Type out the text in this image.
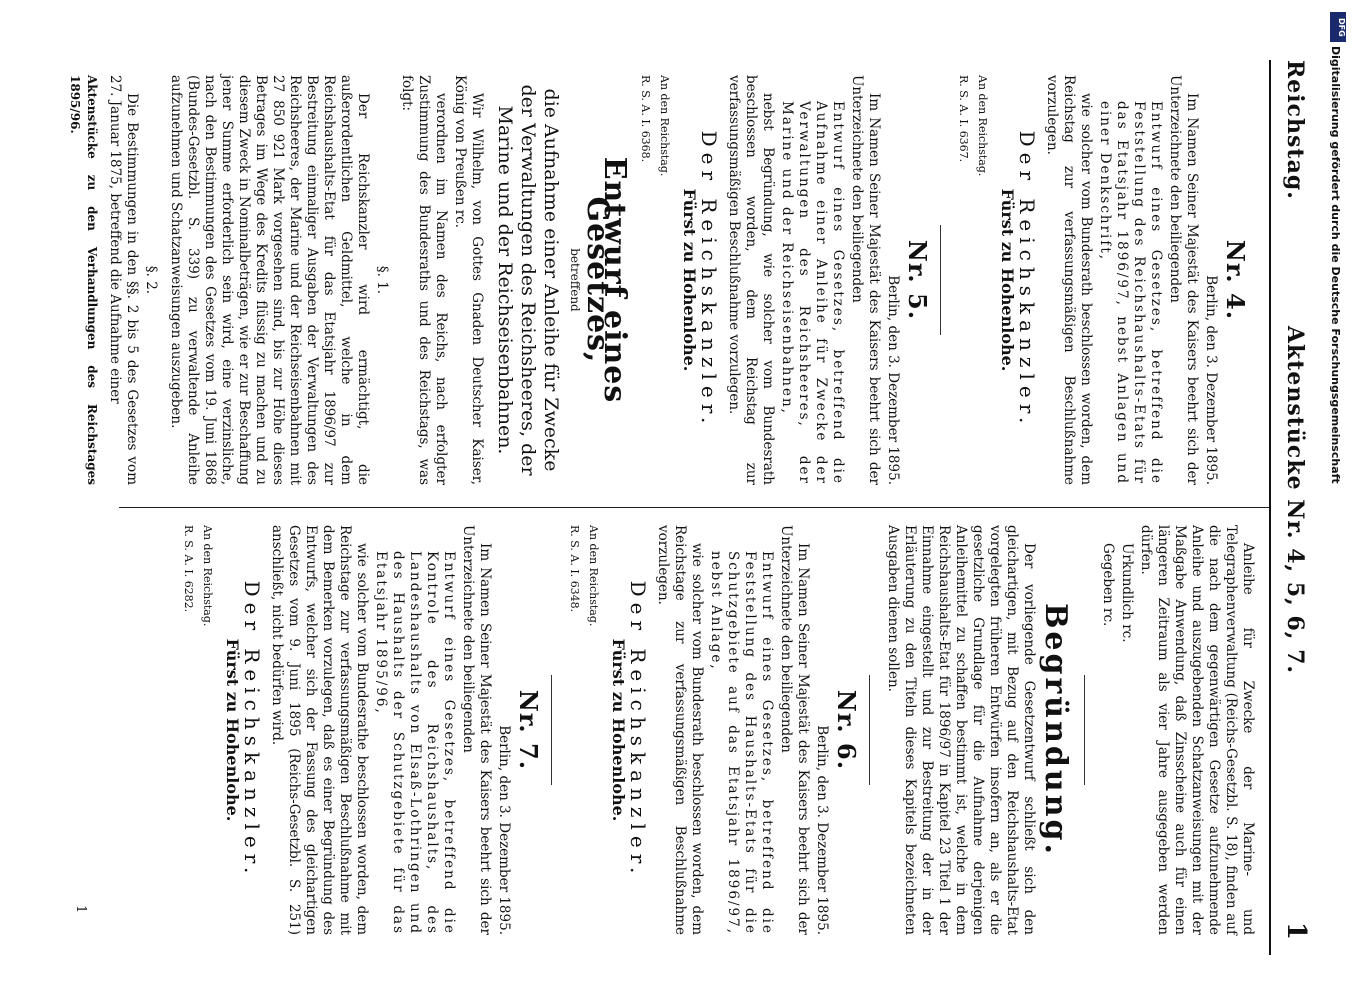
Reichstag.
Aktenstücke Nr. 4, 5, 6, 7.
1
Nr. 4.
Berlin, den 3. Dezember 1895.
Im Namen Seiner Majestät des Kaisers beehrt sich der Unterzeichnete den beiliegenden
Entwurf eines Gesetzes, betreffend die Feststellung des Reichshaushalts-Etats für das Etatsjahr 1896/97, nebst Anlagen und einer Denkschrift,
wie solcher vom Bundesrath beschlossen worden, dem Reichstag zur verfassungsmäßigen Beschlußnahme vorzulegen.
Der Reichskanzler.
Fürst zu Hohenlohe.
An den Reichstag.
R. S. A. I. 6367.
Nr. 5.
Berlin, den 3. Dezember 1895.
Im Namen Seiner Majestät des Kaisers beehrt sich der Unterzeichnete den beiliegenden
Entwurf eines Gesetzes, betreffend die Aufnahme einer Anleihe für Zwecke der Verwaltungen des Reichsheeres, der Marine und der Reichseisenbahnen,
nebst Begründung, wie solcher vom Bundesrath beschlossen worden, dem Reichstag zur verfassungsmäßigen Beschlußnahme vorzulegen.
Der Reichskanzler.
Fürst zu Hohenlohe.
An den Reichstag.
R. S. A. I. 6368.
Entwurf eines Gesetzes,
betreffend
die Aufnahme einer Anleihe für Zwecke der Verwaltungen des Reichsheeres, der Marine und der Reichseisenbahnen.
Wir Wilhelm, von Gottes Gnaden Deutscher Kaiser, König von Preußen rc.
verordnen im Namen des Reichs, nach erfolgter Zustimmung des Bundesraths und des Reichstags, was folgt:
§. 1.
Der Reichskanzler wird ermächtigt, die außerordentlichen Geldmittel, welche in dem Reichshaushalts-Etat für das Etatsjahr 1896/97 zur Bestreitung einmaliger Ausgaben der Verwaltungen des Reichsheeres, der Marine und der Reichseisenbahnen mit 27 850 921 Mark vorgesehen sind, bis zur Höhe dieses Betrages im Wege des Kredits flüssig zu machen und zu diesem Zweck in Nominalbeträgen, wie er zur Beschaffung jener Summe erforderlich sein wird, eine verzinsliche, nach den Bestimmungen des Gesetzes vom 19. Juni 1868 (Bundes-Gesetzbl. S. 339) zu verwaltende Anleihe aufzunehmen und Schatzanweisungen auszugeben.
§. 2.
Die Bestimmungen in den §§. 2 bis 5 des Gesetzes vom 27. Januar 1875, betreffend die Aufnahme einer
Aktenstücke zu den Verhandlungen des Reichstages 1895/96.
Anleihe für Zwecke der Marine- und Telegraphenverwaltung (Reichs-Gesetzbl. S. 18), finden auf die nach dem gegenwärtigen Gesetze aufzunehmende Anleihe und auszugebenden Schatzanweisungen mit der Maßgabe Anwendung, daß Zinsscheine auch für einen längeren Zeitraum als vier Jahre ausgegeben werden dürfen.
Urkundlich rc.
Gegeben rc.
Begründung.
Der vorliegende Gesetzentwurf schließt sich den gleichartigen, mit Bezug auf den Reichshaushalts-Etat vorgelegten früheren Entwürfen insofern an, als er die gesetzliche Grundlage für die Aufnahme derjenigen Anleihemittel zu schaffen bestimmt ist, welche in dem Reichshaushalts-Etat für 1896/97 in Kapitel 23 Titel 1 der Einnahme eingestellt und zur Bestreitung der in der Erläuterung zu den Titeln dieses Kapitels bezeichneten Ausgaben dienen sollen.
Nr. 6.
Berlin, den 3. Dezember 1895.
Im Namen Seiner Majestät des Kaisers beehrt sich der Unterzeichnete den beiliegenden
Entwurf eines Gesetzes, betreffend die Feststellung des Haushalts-Etats für die Schutzgebiete auf das Etatsjahr 1896/97, nebst Anlage,
wie solcher vom Bundesrath beschlossen worden, dem Reichstage zur verfassungsmäßigen Beschlußnahme vorzulegen.
Der Reichskanzler.
Fürst zu Hohenlohe.
An den Reichstag.
R. S. A. I. 6348.
Nr. 7.
Berlin, den 3. Dezember 1895.
Im Namen Seiner Majestät des Kaisers beehrt sich der Unterzeichnete den beiliegenden
Entwurf eines Gesetzes, betreffend die Kontrole des Reichshaushalts, des Landeshaushalts von Elsaß-Lothringen und des Haushalts der Schutzgebiete für das Etatsjahr 1895/96,
wie solcher vom Bundesrathe beschlossen worden, dem Reichstage zur verfassungsmäßigen Beschlußnahme mit dem Bemerken vorzulegen, daß es einer Begründung des Entwurfs, welcher sich der Fassung des gleichartigen Gesetzes vom 9. Juni 1895 (Reichs-Gesetzbl. S. 251) anschließt, nicht bedürfen wird.
Der Reichskanzler.
Fürst zu Hohenlohe.
An den Reichstag.
R. S. A. I. 6282.
1
DFG
Digitalisierung gefördert durch die Deutsche Forschungsgemeinschaft
